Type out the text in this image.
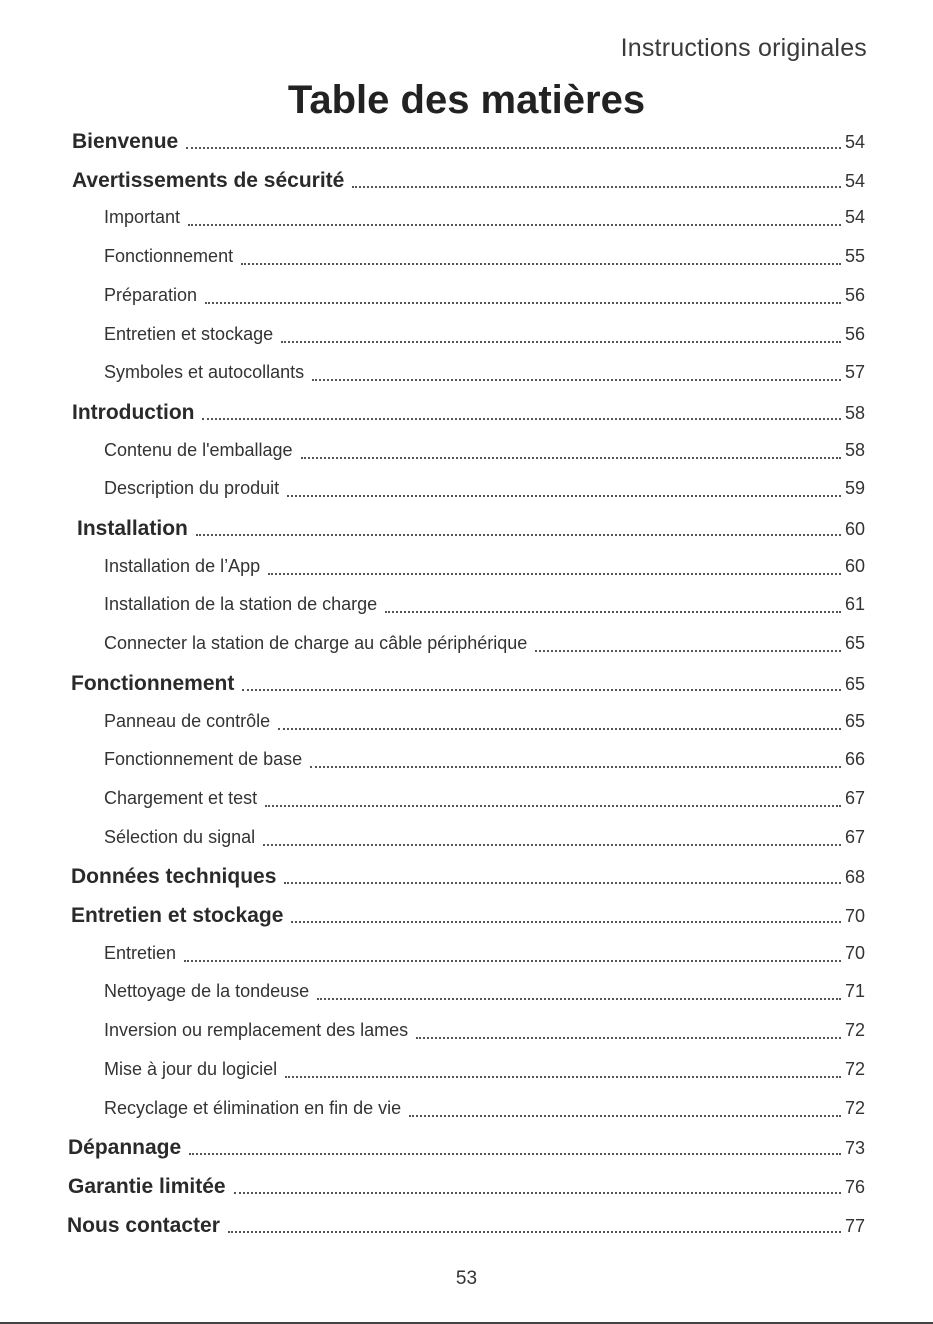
Instructions originales
Table des matières
Bienvenue	54
Avertissements de sécurité	54
Important	54
Fonctionnement	55
Préparation	56
Entretien et stockage	56
Symboles et autocollants	57
Introduction	58
Contenu de l'emballage	58
Description du produit	59
Installation	60
Installation de l’App	60
Installation de la station de charge	61
Connecter la station de charge au câble périphérique	65
Fonctionnement	65
Panneau de contrôle	65
Fonctionnement de base	66
Chargement et test	67
Sélection du signal	67
Données techniques	68
Entretien et stockage	70
Entretien	70
Nettoyage de la tondeuse	71
Inversion ou remplacement des lames	72
Mise à jour du logiciel	72
Recyclage et élimination en fin de vie	72
Dépannage	73
Garantie limitée	76
Nous contacter	77
53
